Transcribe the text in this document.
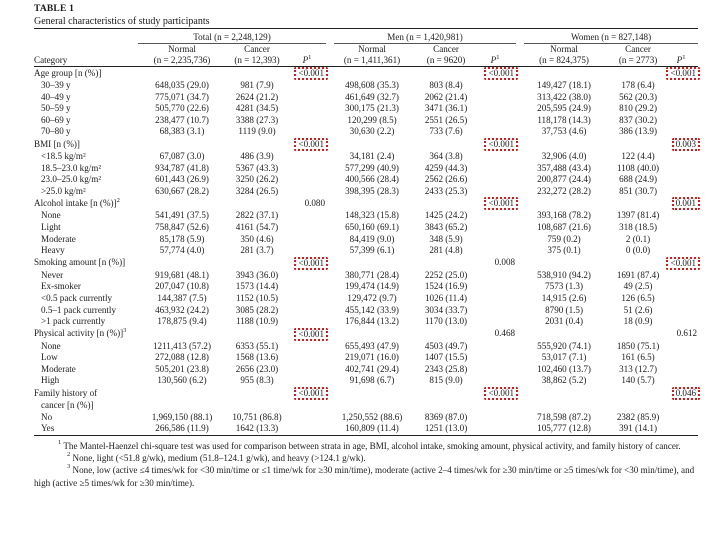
TABLE 1
General characteristics of study participants

	Total (n = 2,248,129)			Men (n = 1,420,981)			Women (n = 827,148)		

	Normal	Cancer		Normal	Cancer		Normal	Cancer	
Category	(n = 2,235,736)	(n = 12,393)	$P^1$	(n = 1,411,361)	(n = 9620)	$P^1$	(n = 824,375)	(n = 2773)	$P^1$
Age group [n (%)]			<0.001			<0.001			<0.001
30–39 y	648,035 (29.0)	981 (7.9)		498,608 (35.3)	803 (8.4)		149,427 (18.1)	178 (6.4)	
40–49 y	775,071 (34.7)	2624 (21.2)		461,649 (32.7)	2062 (21.4)		313,422 (38.0)	562 (20.3)	
50–59 y	505,770 (22.6)	4281 (34.5)		300,175 (21.3)	3471 (36.1)		205,595 (24.9)	810 (29.2)	
60–69 y	238,477 (10.7)	3388 (27.3)		120,299 (8.5)	2551 (26.5)		118,178 (14.3)	837 (30.2)	
70–80 y	68,383 (3.1)	1119 (9.0)		30,630 (2.2)	733 (7.6)		37,753 (4.6)	386 (13.9)	
BMI [n (%)]			<0.001			<0.001			0.003
<18.5 kg/m²	67,087 (3.0)	486 (3.9)		34,181 (2.4)	364 (3.8)		32,906 (4.0)	122 (4.4)	
18.5–23.0 kg/m²	934,787 (41.8)	5367 (43.3)		577,299 (40.9)	4259 (44.3)		357,488 (43.4)	1108 (40.0)	
23.0–25.0 kg/m²	601,443 (26.9)	3250 (26.2)		400,566 (28.4)	2562 (26.6)		200,877 (24.4)	688 (24.9)	
>25.0 kg/m²	630,667 (28.2)	3284 (26.5)		398,395 (28.3)	2433 (25.3)		232,272 (28.2)	851 (30.7)	
Alcohol intake [n (%)]$^2$			0.080			<0.001			0.001
None	541,491 (37.5)	2822 (37.1)		148,323 (15.8)	1425 (24.2)		393,168 (78.2)	1397 (81.4)	
Light	758,847 (52.6)	4161 (54.7)		650,160 (69.1)	3843 (65.2)		108,687 (21.6)	318 (18.5)	
Moderate	85,178 (5.9)	350 (4.6)		84,419 (9.0)	348 (5.9)		759 (0.2)	2 (0.1)	
Heavy	57,774 (4.0)	281 (3.7)		57,399 (6.1)	281 (4.8)		375 (0.1)	0 (0.0)	
Smoking amount [n (%)]			<0.001			0.008			<0.001
Never	919,681 (48.1)	3943 (36.0)		380,771 (28.4)	2252 (25.0)		538,910 (94.2)	1691 (87.4)	
Ex-smoker	207,047 (10.8)	1573 (14.4)		199,474 (14.9)	1524 (16.9)		7573 (1.3)	49 (2.5)	
<0.5 pack currently	144,387 (7.5)	1152 (10.5)		129,472 (9.7)	1026 (11.4)		14,915 (2.6)	126 (6.5)	
0.5–1 pack currently	463,932 (24.2)	3085 (28.2)		455,142 (33.9)	3034 (33.7)		8790 (1.5)	51 (2.6)	
>1 pack currently	178,875 (9.4)	1188 (10.9)		176,844 (13.2)	1170 (13.0)		2031 (0.4)	18 (0.9)	
Physical activity [n (%)]$^3$			<0.001			0.468			0.612
None	1211,413 (57.2)	6353 (55.1)		655,493 (47.9)	4503 (49.7)		555,920 (74.1)	1850 (75.1)	
Low	272,088 (12.8)	1568 (13.6)		219,071 (16.0)	1407 (15.5)		53,017 (7.1)	161 (6.5)	
Moderate	505,201 (23.8)	2656 (23.0)		402,741 (29.4)	2343 (25.8)		102,460 (13.7)	313 (12.7)	
High	130,560 (6.2)	955 (8.3)		91,698 (6.7)	815 (9.0)		38,862 (5.2)	140 (5.7)	
Family history of			<0.001			<0.001			0.046
cancer [n (%)]									
No	1,969,150 (88.1)	10,751 (86.8)		1,250,552 (88.6)	8369 (87.0)		718,598 (87.2)	2382 (85.9)	
Yes	266,586 (11.9)	1642 (13.3)		160,809 (11.4)	1251 (13.0)		105,777 (12.8)	391 (14.1)	

$^1$ The Mantel-Haenzel chi-square test was used for comparison between strata in age, BMI, alcohol intake, smoking amount, physical activity, and family history of cancer.

$^2$ None, light (<51.8 g/wk), medium (51.8–124.1 g/wk), and heavy (>124.1 g/wk).

$^3$ None, low (active ≤4 times/wk for <30 min/time or ≤1 time/wk for ≥30 min/time), moderate (active 2–4 times/wk for ≥30 min/time or ≥5 times/wk for <30 min/time), and high (active ≥5 times/wk for ≥30 min/time).
